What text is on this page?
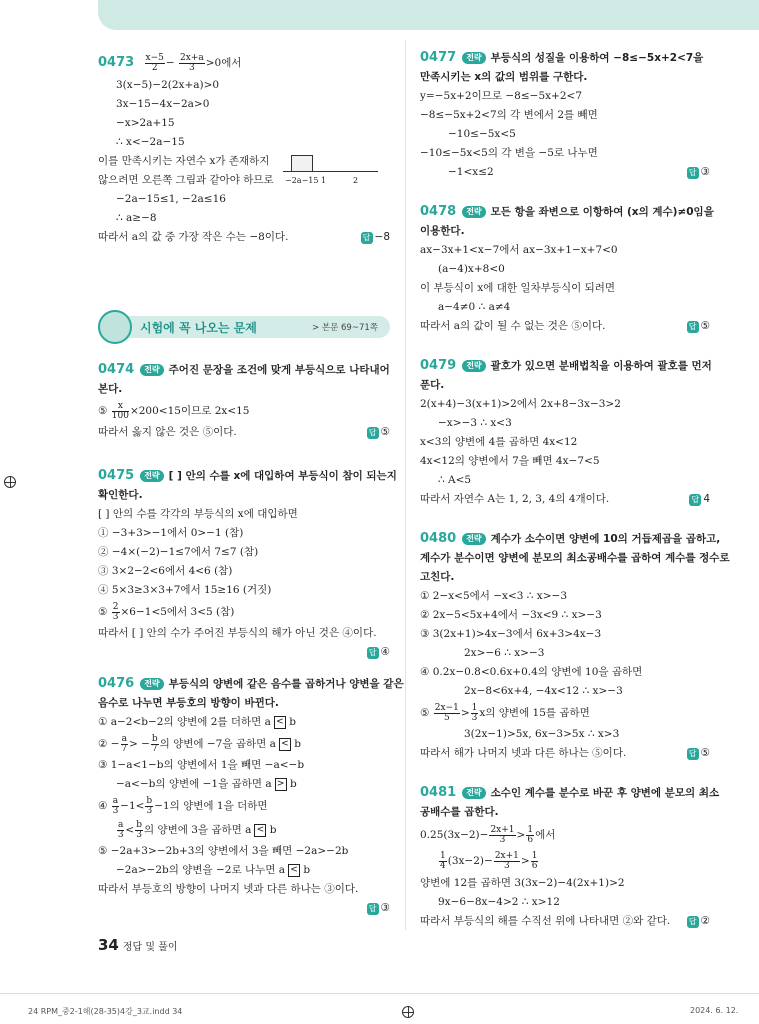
$0473 \frac{x-5}{2} - \frac{2x+a}{3} >0$에서
3(x−5)−2(2x+a)>0
3x−15−4x−2a>0
−x>2a+15
∴ x<−2a−15
이를 만족시키는 자연수 x가 존재하지
않으려면 오른쪽 그림과 같아야 하므로
−2a−15≤1, −2a≤16
∴ a≥−8
따라서 a의 값 중 가장 작은 수는 −8이다.	답 −8
−2a−15 1	2
시험에 꼭 나오는 문제	> 본문 69~71쪽
0474 전략 주어진 문장을 조건에 맞게 부등식으로 나타내어
본다.
⑤ $\frac{x}{100} \times 200<15$이므로 2x<15
따라서 옳지 않은 것은 ⑤이다.	답 ⑤
0475 전략 [ ] 안의 수를 x에 대입하여 부등식이 참이 되는지
확인한다.
[ ] 안의 수를 각각의 부등식의 x에 대입하면
① −3+3>−1에서 0>−1 (참)
② −4×(−2)−1≤7에서 7≤7 (참)
③ 3×2−2<6에서 4<6 (참)
④ 5×3≥3×3+7에서 15≥16 (거짓)
⑤ $\frac{2}{3} \times 6-1<5$에서 3<5 (참)
따라서 [ ] 안의 수가 주어진 부등식의 해가 아닌 것은 ④이다.
답 ④
0476 전략 부등식의 양변에 같은 음수를 곱하거나 양변을 같은
음수로 나누면 부등호의 방향이 바뀐다.
① a−2<b−2의 양변에 2를 더하면 a < b
② − $\frac{a}{7}$ > − $\frac{b}{7}$ 의 양변에 −7을 곱하면 a < b
③ 1−a<1−b의 양변에서 1을 빼면 −a<−b
−a<−b의 양변에 −1을 곱하면 a > b
④ $\frac{a}{3} -1< \frac{b}{3} -1$의 양변에 1을 더하면
$\frac{a}{3} < \frac{b}{3}$ 의 양변에 3을 곱하면 a < b
⑤ −2a+3>−2b+3의 양변에서 3을 빼면 −2a>−2b
−2a>−2b의 양변을 −2로 나누면 a < b
따라서 부등호의 방향이 나머지 넷과 다른 하나는 ③이다.
답 ③
0477 전략 부등식의 성질을 이용하여 −8≤−5x+2<7을
만족시키는 x의 값의 범위를 구한다.
y=−5x+2이므로 −8≤−5x+2<7
−8≤−5x+2<7의 각 변에서 2를 빼면
−10≤−5x<5
−10≤−5x<5의 각 변을 −5로 나누면
−1<x≤2	답 ③
0478 전략 모든 항을 좌변으로 이항하여 (x의 계수)≠0임을
이용한다.
ax−3x+1<x−7에서 ax−3x+1−x+7<0
(a−4)x+8<0
이 부등식이 x에 대한 일차부등식이 되려면
a−4≠0 ∴ a≠4
따라서 a의 값이 될 수 없는 것은 ⑤이다.	답 ⑤
0479 전략 괄호가 있으면 분배법칙을 이용하여 괄호를 먼저
푼다.
2(x+4)−3(x+1)>2에서 2x+8−3x−3>2
−x>−3 ∴ x<3
x<3의 양변에 4를 곱하면 4x<12
4x<12의 양변에서 7을 빼면 4x−7<5
∴ A<5
따라서 자연수 A는 1, 2, 3, 4의 4개이다.	답 4
0480 전략 계수가 소수이면 양변에 10의 거듭제곱을 곱하고,
계수가 분수이면 양변에 분모의 최소공배수를 곱하여 계수를 정수로
고친다.
① 2−x<5에서 −x<3 ∴ x>−3
② 2x−5<5x+4에서 −3x<9 ∴ x>−3
③ 3(2x+1)>4x−3에서 6x+3>4x−3
2x>−6 ∴ x>−3
④ 0.2x−0.8<0.6x+0.4의 양변에 10을 곱하면
2x−8<6x+4, −4x<12 ∴ x>−3
⑤ $\frac{2x-1}{5} > \frac{1}{3}$ x의 양변에 15를 곱하면
3(2x−1)>5x, 6x−3>5x ∴ x>3
따라서 해가 나머지 넷과 다른 하나는 ⑤이다.	답 ⑤
0481 전략 소수인 계수를 분수로 바꾼 후 양변에 분모의 최소
공배수를 곱한다.
$0.25(3x-2)- \frac{2x+1}{3} > \frac{1}{6}$ 에서
$\frac{1}{4} (3x-2)- \frac{2x+1}{3} > \frac{1}{6}$
양변에 12를 곱하면 3(3x−2)−4(2x+1)>2
9x−6−8x−4>2 ∴ x>12
따라서 부등식의 해를 수직선 위에 나타내면 ②와 같다. 답 ②
34 정답 및 풀이
24 RPM_중2-1해(28-35)4강_3교.indd 34	2024. 6. 12.
